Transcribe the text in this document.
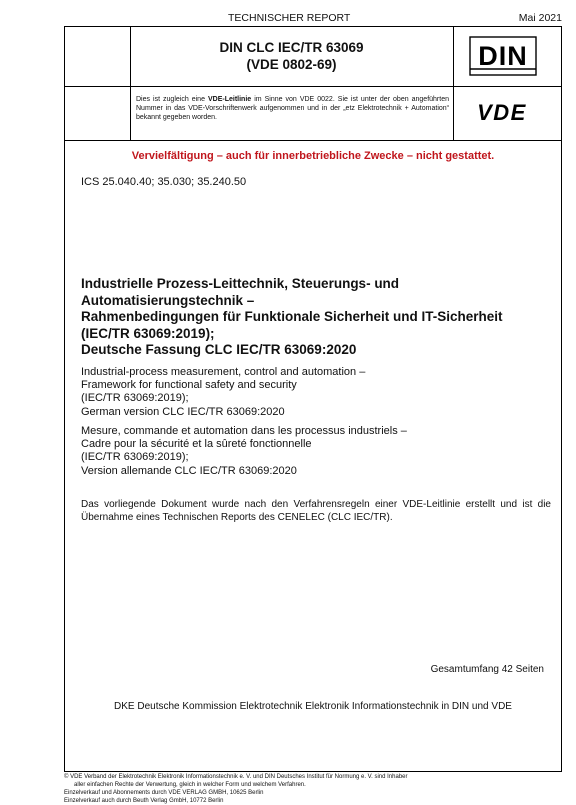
TECHNISCHER REPORT	Mai 2021
DIN CLC IEC/TR 63069
(VDE 0802-69)	DIN
VDE
Dies ist zugleich eine VDE-Leitlinie im Sinne von VDE 0022. Sie ist unter der oben angeführten Nummer in das VDE-Vorschriftenwerk aufgenommen und in der „etz Elektrotechnik + Automation“ bekannt gegeben worden.
Vervielfältigung – auch für innerbetriebliche Zwecke – nicht gestattet.
ICS 25.040.40; 35.030; 35.240.50
Industrielle Prozess-Leittechnik, Steuerungs- und
Automatisierungstechnik –
Rahmenbedingungen für Funktionale Sicherheit und IT-Sicherheit
(IEC/TR 63069:2019);
Deutsche Fassung CLC IEC/TR 63069:2020
Industrial-process measurement, control and automation –
Framework for functional safety and security
(IEC/TR 63069:2019);
German version CLC IEC/TR 63069:2020
Mesure, commande et automation dans les processus industriels –
Cadre pour la sécurité et la sûreté fonctionnelle
(IEC/TR 63069:2019);
Version allemande CLC IEC/TR 63069:2020
Das vorliegende Dokument wurde nach den Verfahrensregeln einer VDE-Leitlinie erstellt und ist die Übernahme eines Technischen Reports des CENELEC (CLC IEC/TR).
Gesamtumfang 42 Seiten
DKE Deutsche Kommission Elektrotechnik Elektronik Informationstechnik in DIN und VDE
© VDE Verband der Elektrotechnik Elektronik Informationstechnik e. V. und DIN Deutsches Institut für Normung e. V. sind Inhaber
aller einfachen Rechte der Verwertung, gleich in welcher Form und welchem Verfahren.
Einzelverkauf und Abonnements durch VDE VERLAG GMBH, 10625 Berlin
Einzelverkauf auch durch Beuth Verlag GmbH, 10772 Berlin
